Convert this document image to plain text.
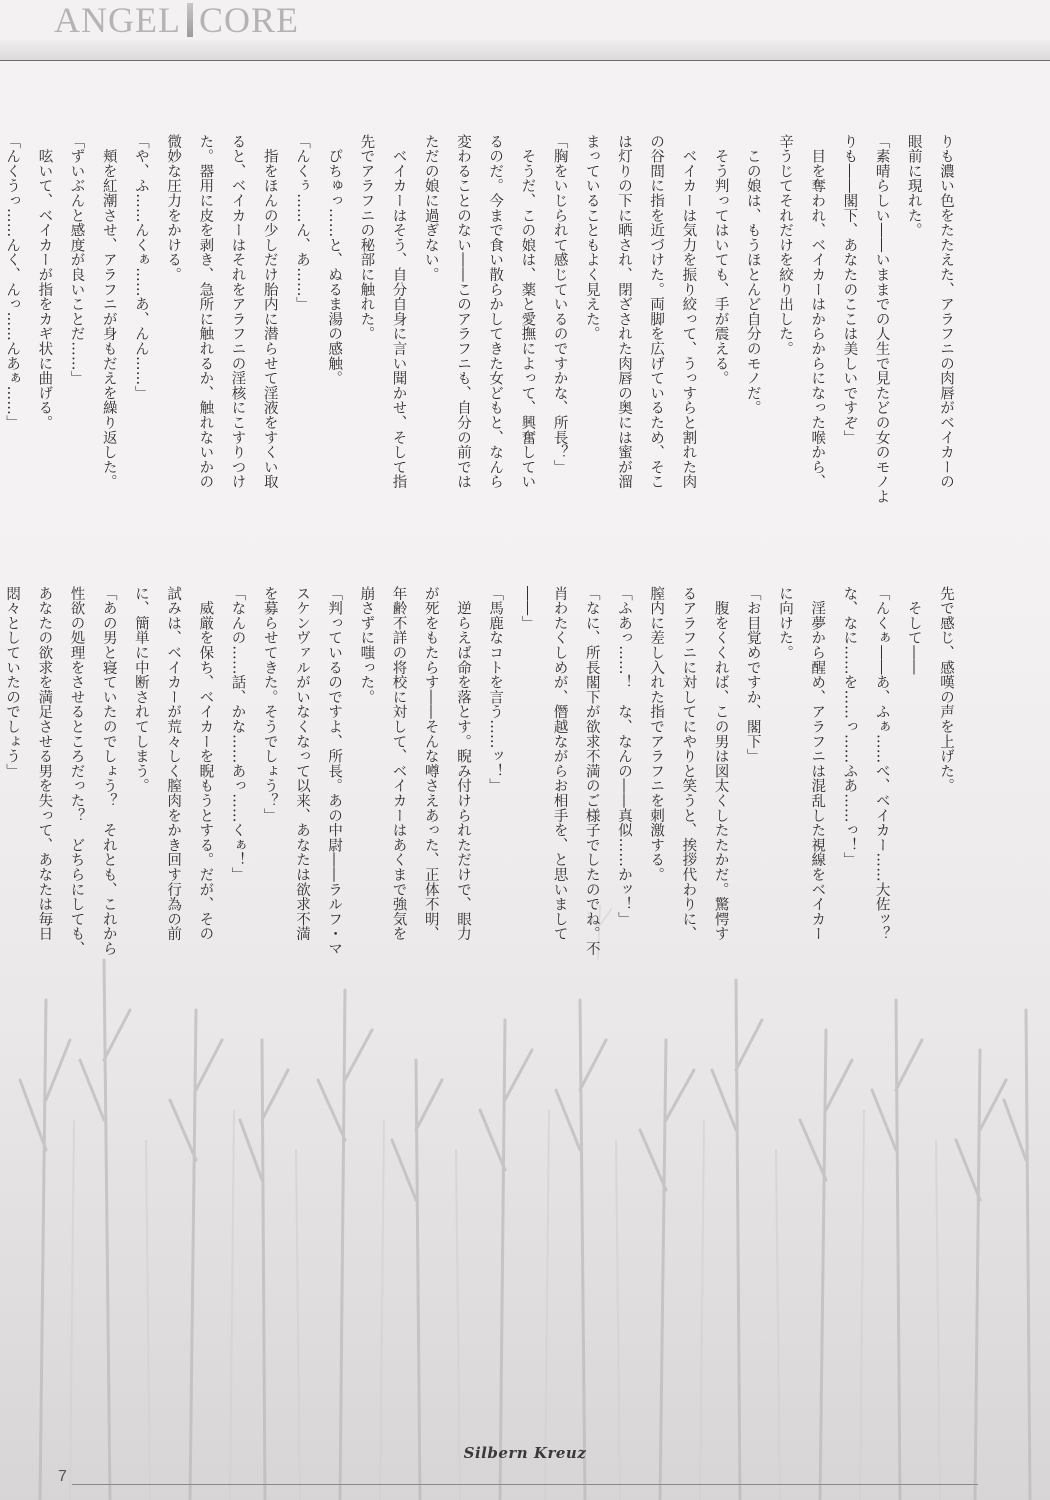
ANGEL CORE
りも濃い色をたたえた、アラフニの肉唇がベイカーの
眼前に現れた。
「素晴らしい――いままでの人生で見たどの女のモノよ
りも――閣下、あなたのここは美しいですぞ」
　目を奪われ、ベイカーはからからになった喉から、
辛うじてそれだけを絞り出した。
　この娘は、もうほとんど自分のモノだ。
　そう判ってはいても、手が震える。
　ベイカーは気力を振り絞って、うっすらと割れた肉
の谷間に指を近づけた。両脚を広げているため、そこ
は灯りの下に晒され、閉ざされた肉唇の奥には蜜が溜
まっていることもよく見えた。
「胸をいじられて感じているのですかな、所長？」
　そうだ、この娘は、薬と愛撫によって、興奮してい
るのだ。今まで食い散らかしてきた女どもと、なんら
変わることのない――このアラフニも、自分の前では
ただの娘に過ぎない。
　ベイカーはそう、自分自身に言い聞かせ、そして指
先でアラフニの秘部に触れた。
　ぴちゅっ……と、ぬるま湯の感触。
「んくぅ……ん、あ……」
　指をほんの少しだけ胎内に潜らせて淫液をすくい取
ると、ベイカーはそれをアラフニの淫核にこすりつけ
た。器用に皮を剥き、急所に触れるか、触れないかの
微妙な圧力をかける。
「や、ふ……んくぁ……あ、んん……」
　頬を紅潮させ、アラフニが身もだえを繰り返した。
「ずいぶんと感度が良いことだ……」
　呟いて、ベイカーが指をカギ状に曲げる。
「んくうっ……んく、んっ……んあぁ……」
先で感じ、感嘆の声を上げた。
　そして――
「んくぁ――あ、ふぁ……べ、ベイカー……大佐ッ？
な、なに……を……っ……ふあ……っ！」
　淫夢から醒め、アラフニは混乱した視線をベイカー
に向けた。
「お目覚めですか、閣下」
　腹をくくれば、この男は図太くしたたかだ。驚愕す
るアラフニに対してにやりと笑うと、挨拶代わりに、
膣内に差し入れた指でアラフニを刺激する。
「ふあっ……！　な、なんの――真似……かッ！」
「なに、所長閣下が欲求不満のご様子でしたのでね。不
肖わたくしめが、僭越ながらお相手を、と思いまして
――」
「馬鹿なコトを言う……ッ！」
　逆らえば命を落とす。睨み付けられただけで、眼力
が死をもたらす――そんな噂さえあった、正体不明、
年齢不詳の将校に対して、ベイカーはあくまで強気を
崩さずに嗤った。
「判っているのですよ、所長。あの中尉――ラルフ・マ
スケンヴァルがいなくなって以来、あなたは欲求不満
を募らせてきた。そうでしょう？」
「なんの……話、かな……あっ……くぁ！」
　威厳を保ち、ベイカーを睨もうとする。だが、その
試みは、ベイカーが荒々しく膣肉をかき回す行為の前
に、簡単に中断されてしまう。
「あの男と寝ていたのでしょう？　それとも、これから
性欲の処理をさせるところだった？　どちらにしても、
あなたの欲求を満足させる男を失って、あなたは毎日
悶々としていたのでしょう」
Silbern Kreuz
7
